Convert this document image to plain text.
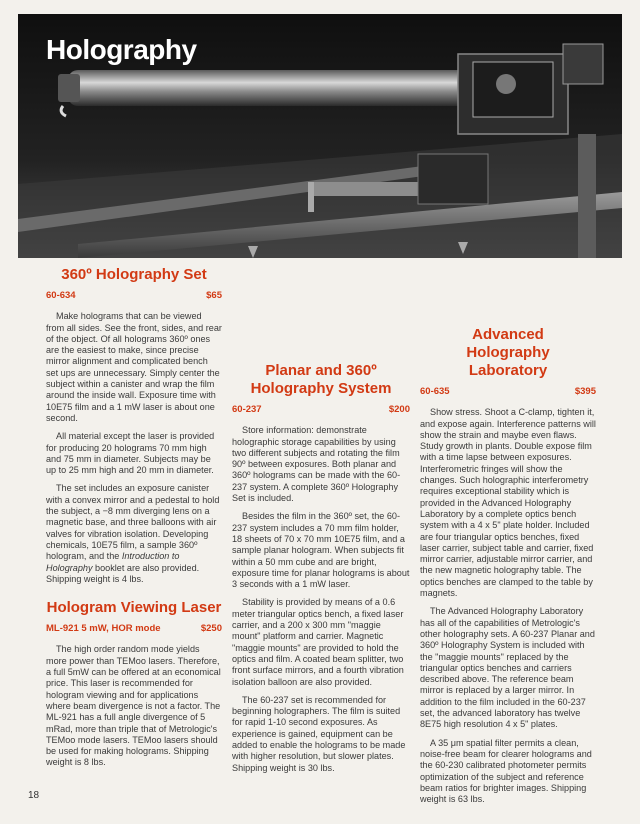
Holography
360º Holography Set
60-634	$65

Make holograms that can be viewed from all sides. See the front, sides, and rear of the object. Of all holograms 360º ones are the easiest to make, since precise mirror alignment and complicated bench set ups are unnecessary. Simply center the subject within a canister and wrap the film around the inside wall. Exposure time with 10E75 film and a 1 mW laser is about one second.

All material except the laser is provided for producing 20 holograms 70 mm high and 75 mm in diameter. Subjects may be up to 25 mm high and 20 mm in diameter.

The set includes an exposure canister with a convex mirror and a pedestal to hold the subject, a −8 mm diverging lens on a magnetic base, and three balloons with air valves for vibration isolation. Developing chemicals, 10E75 film, a sample 360º hologram, and the Introduction to Holography booklet are also provided. Shipping weight is 4 lbs.

Hologram Viewing Laser
ML-921 5 mW, HOR mode	$250

The high order random mode yields more power than TEMoo lasers. Therefore, a full 5mW can be offered at an economical price. This laser is recommended for hologram viewing and for applications where beam divergence is not a factor. The ML-921 has a full angle divergence of 5 mRad, more than triple that of Metrologic's TEMoo mode lasers. TEMoo lasers should be used for making holograms. Shipping weight is 8 lbs.

Planar and 360º Holography System
60-237	$200

Store information: demonstrate holographic storage capabilities by using two different subjects and rotating the film 90º between exposures. Both planar and 360º holograms can be made with the 60-237 system. A complete 360º Holography Set is included.

Besides the film in the 360º set, the 60-237 system includes a 70 mm film holder, 18 sheets of 70 x 70 mm 10E75 film, and a sample planar hologram. When subjects fit within a 50 mm cube and are bright, exposure time for planar holograms is about 3 seconds with a 1 mW laser.

Stability is provided by means of a 0.6 meter triangular optics bench, a fixed laser carrier, and a 200 x 300 mm "maggie mount" platform and carrier. Magnetic "maggie mounts" are provided to hold the optics and film. A coated beam splitter, two front surface mirrors, and a fourth vibration isolation balloon are also provided.

The 60-237 set is recommended for beginning holographers. The film is suited for rapid 1-10 second exposures. As experience is gained, equipment can be added to enable the holograms to be made with higher resolution, but slower plates. Shipping weight is 30 lbs.

Advanced Holography Laboratory
60-635	$395

Show stress. Shoot a C-clamp, tighten it, and expose again. Interference patterns will show the strain and maybe even flaws. Study growth in plants. Double expose film with a time lapse between exposures. Interferometric fringes will show the changes. Such holographic interferometry requires exceptional stability which is provided in the Advanced Holography Laboratory by a complete optics bench system with a 4 x 5" plate holder. Included are four triangular optics benches, fixed laser carrier, subject table and carrier, fixed mirror carrier, adjustable mirror carrier, and the new magnetic holography table. The optics benches are clamped to the table by magnets.

The Advanced Holography Laboratory has all of the capabilities of Metrologic's other holography sets. A 60-237 Planar and 360º Holography System is included with the "maggie mounts" replaced by the triangular optics benches and carriers described above. The reference beam mirror is replaced by a larger mirror. In addition to the film included in the 60-237 set, the advanced laboratory has twelve 8E75 high resolution 4 x 5" plates.

A 35 μm spatial filter permits a clean, noise-free beam for clearer holograms and the 60-230 calibrated photometer permits optimization of the subject and reference beam ratios for brighter images. Shipping weight is 63 lbs.

18
